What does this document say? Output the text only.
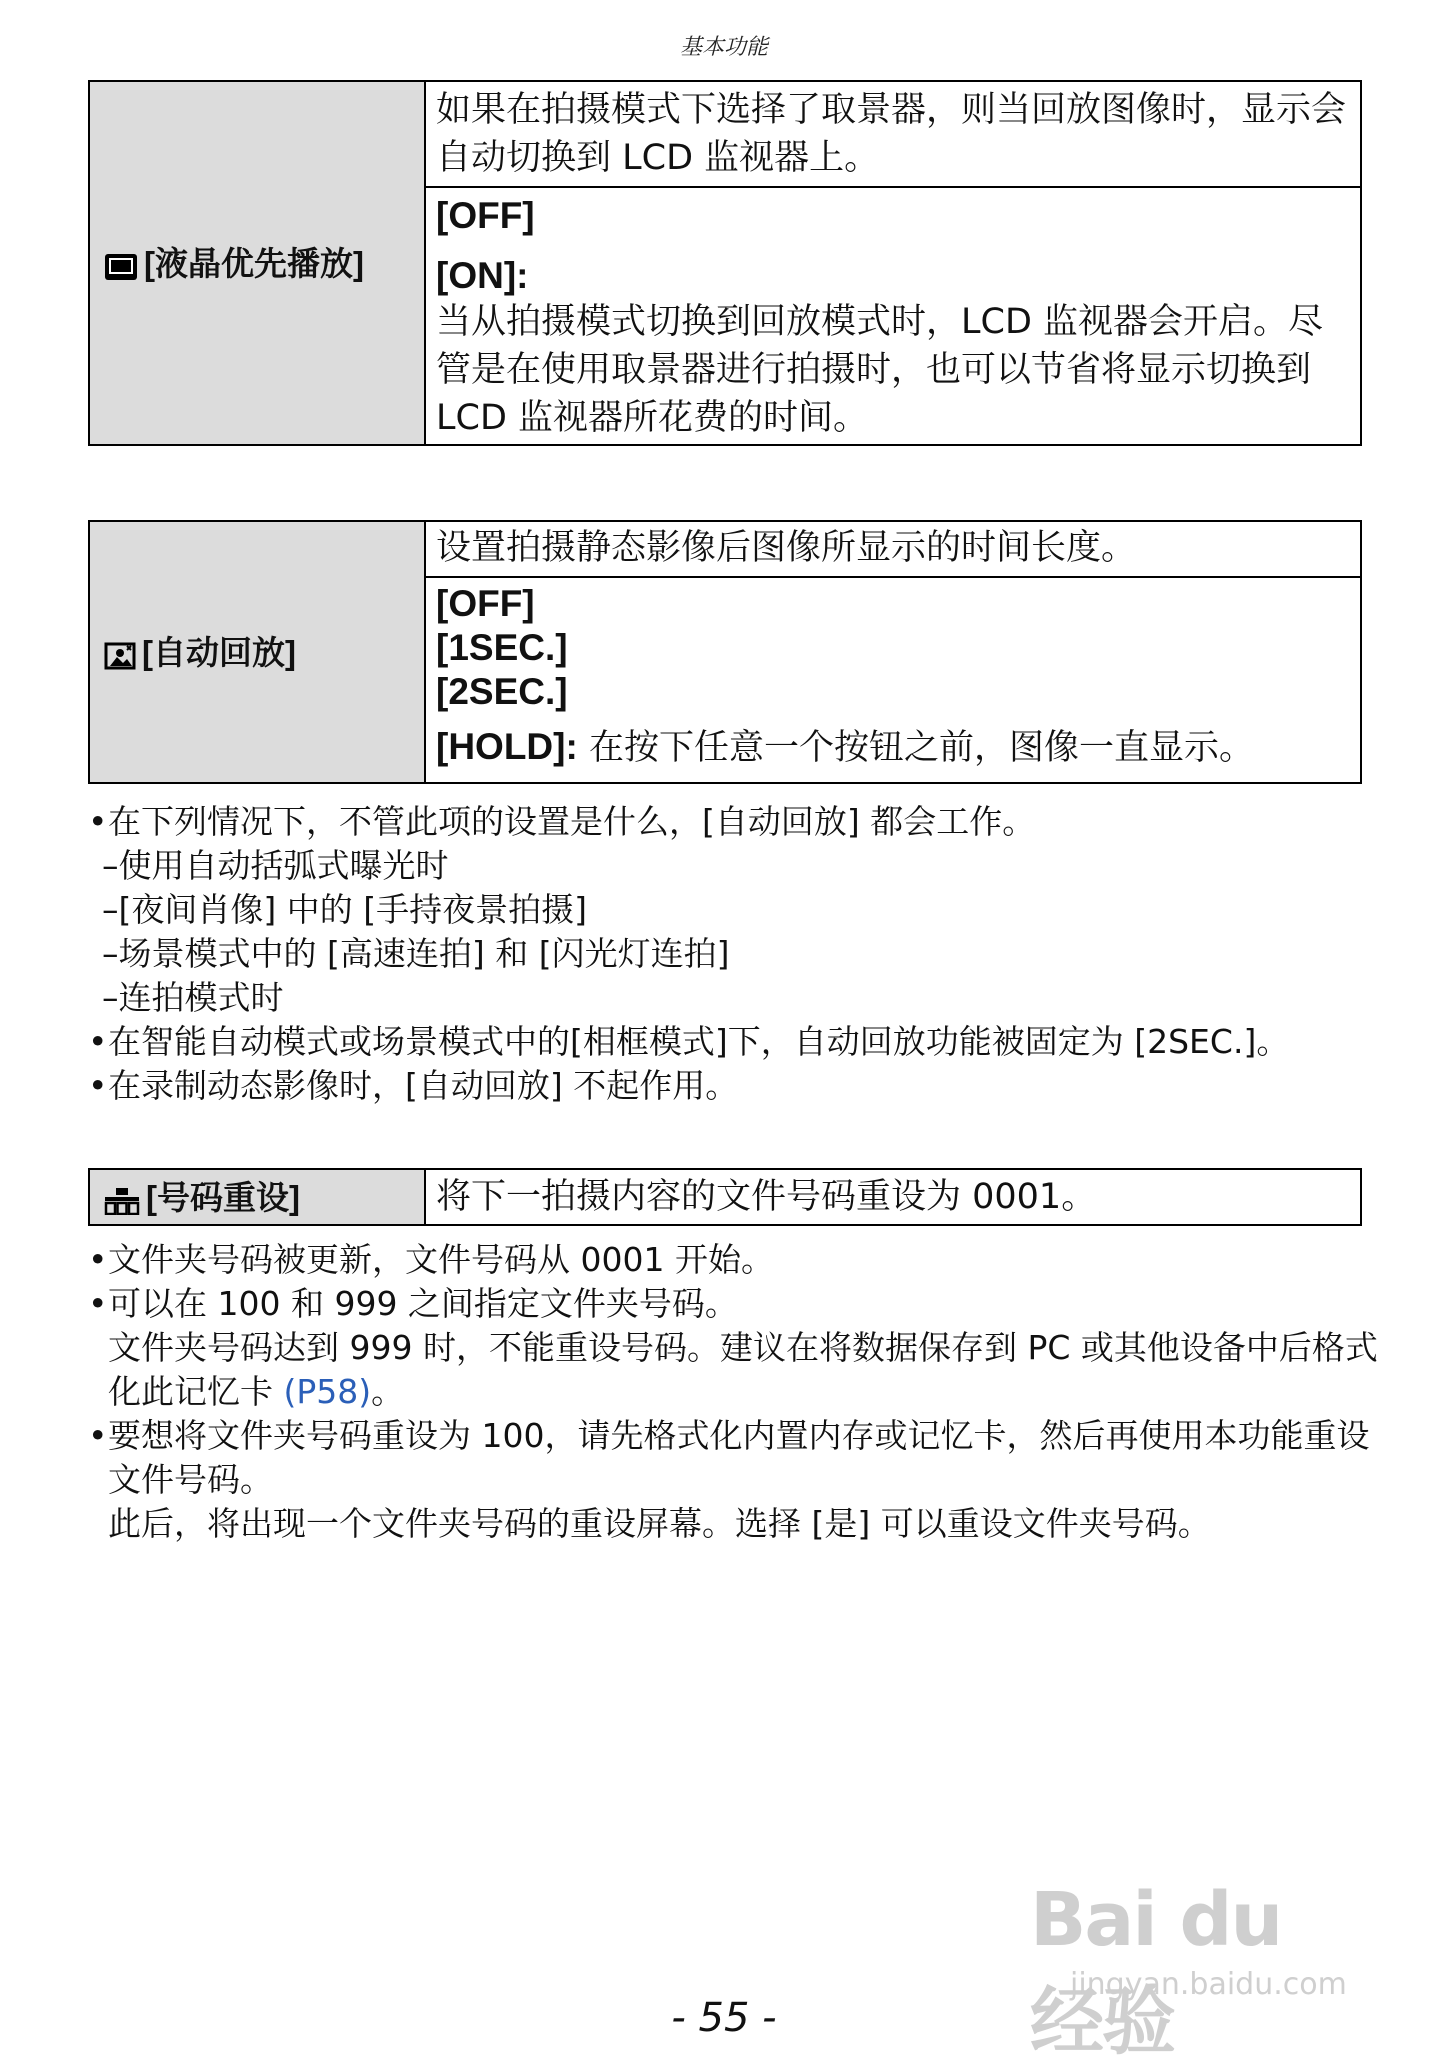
基本功能
[液晶优先播放]	如果在拍摄模式下选择了取景器，则当回放图像时，显示会自动切换到 LCD 监视器上。

[OFF]
[ON]:
当从拍摄模式切换到回放模式时，LCD 监视器会开启。尽管是在使用取景器进行拍摄时，也可以节省将显示切换到 LCD 监视器所花费的时间。
[自动回放]	设置拍摄静态影像后图像所显示的时间长度。

[OFF]
[1SEC.]
[2SEC.]
[HOLD]: 在按下任意一个按钮之前，图像一直显示。
• 在下列情况下，不管此项的设置是什么，[自动回放] 都会工作。
–使用自动括弧式曝光时
–[夜间肖像] 中的 [手持夜景拍摄]
–场景模式中的 [高速连拍] 和 [闪光灯连拍]
–连拍模式时
• 在智能自动模式或场景模式中的[相框模式]下，自动回放功能被固定为 [2SEC.]。
• 在录制动态影像时，[自动回放] 不起作用。
[号码重设]	将下一拍摄内容的文件号码重设为 0001。
• 文件夹号码被更新，文件号码从 0001 开始。
• 可以在 100 和 999 之间指定文件夹号码。
文件夹号码达到 999 时，不能重设号码。建议在将数据保存到 PC 或其他设备中后格式化此记忆卡 (P58)。
• 要想将文件夹号码重设为 100，请先格式化内置内存或记忆卡，然后再使用本功能重设文件号码。
此后，将出现一个文件夹号码的重设屏幕。选择 [是] 可以重设文件夹号码。
Bai du 经验
jingyan.baidu.com
- 55 -
